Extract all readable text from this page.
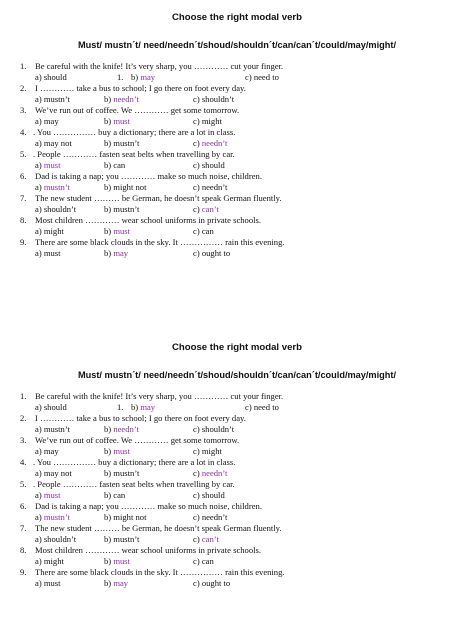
Choose the right modal verb

Must/ mustn´t/ need/needn´t/shoud/shouldn´t/can/can´t/could/may/might/

1. Be careful with the knife! It’s very sharp, you ………… cut your finger.
a) should	1. b) may	c) need to
2. I ………… take a bus to school; I go there on foot every day.
a) mustn’t	b) needn’t	c) shouldn’t
3. We’ve run out of coffee. We ………… get some tomorrow.
a) may	b) must	c) might
4. . You …………… buy a dictionary; there are a lot in class.
a) may not	b) mustn’t	c) needn’t
5. . People ………… fasten seat belts when travelling by car.
a) must	b) can	c) should
6. Dad is taking a nap; you ………… make so much noise, children.
a) mustn’t	b) might not	c) needn’t
7. The new student ……… be German, he doesn’t speak German fluently.
a) shouldn’t	b) mustn’t	c) can’t
8. Most children ………… wear school uniforms in private schools.
a) might	b) must	c) can
9. There are some black clouds in the sky. It …………… rain this evening.
a) must	b) may	c) ought to

Choose the right modal verb

Must/ mustn´t/ need/needn´t/shoud/shouldn´t/can/can´t/could/may/might/

1. Be careful with the knife! It’s very sharp, you ………… cut your finger.
a) should	1. b) may	c) need to
2. I ………… take a bus to school; I go there on foot every day.
a) mustn’t	b) needn’t	c) shouldn’t
3. We’ve run out of coffee. We ………… get some tomorrow.
a) may	b) must	c) might
4. . You …………… buy a dictionary; there are a lot in class.
a) may not	b) mustn’t	c) needn’t
5. . People ………… fasten seat belts when travelling by car.
a) must	b) can	c) should
6. Dad is taking a nap; you ………… make so much noise, children.
a) mustn’t	b) might not	c) needn’t
7. The new student ……… be German, he doesn’t speak German fluently.
a) shouldn’t	b) mustn’t	c) can’t
8. Most children ………… wear school uniforms in private schools.
a) might	b) must	c) can
9. There are some black clouds in the sky. It …………… rain this evening.
a) must	b) may	c) ought to
